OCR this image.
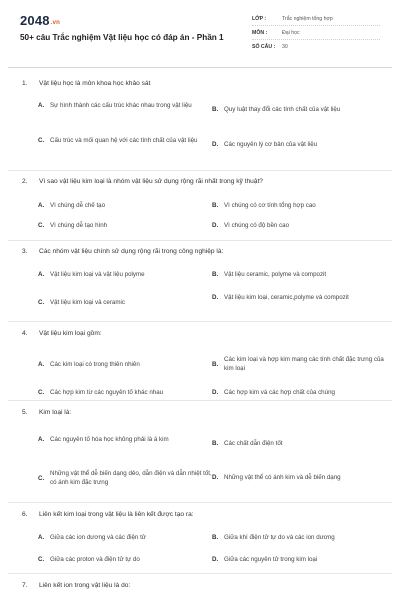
2048.vn
50+ câu Trắc nghiệm Vật liệu học có đáp án - Phần 1
LỚP :	Trắc nghiệm tổng hợp
MÔN :	Đại học
SỐ CÂU :	30
1. Vật liệu học là môn khoa học khảo sát
A. Sự hình thành các cấu trúc khác nhau trong vật liệu
B. Quy luật thay đổi các tính chất của vật liệu
C. Cấu trúc và mối quan hệ với các tính chất của vật liệu
D. Các nguyên lý cơ bản của vật liệu
2. Vì sao vật liệu kim loại là nhóm vật liệu sử dụng rộng rãi nhất trong kỹ thuật?
A. Vì chúng dễ chế tạo	B. Vì chúng có cơ tính tổng hợp cao
C. Vì chúng dễ tạo hình	D. Vì chúng có độ bền cao
3. Các nhóm vật liệu chính sử dụng rộng rãi trong công nghiệp là:
A. Vật liệu kim loại và vật liệu polyme	B. Vật liệu ceramic, polyme và compozit
C. Vật liệu kim loại và ceramic
D. Vật liệu kim loại, ceramic,polyme và compozit
4. Vật liệu kim loại gồm:
A. Các kim loại có trong thiên nhiên	B.
Các kim loại và hợp kim mang các tính chất đặc trưng của kim loại
C. Các hợp kim từ các nguyên tố khác nhau	D. Các hợp kim và các hợp chất của chúng
5. Kim loại là:
A. Các nguyên tố hóa học không phải là á kim
B. Các chất dẫn điện tốt
C.
Những vật thể dễ biến dạng dẻo, dẫn điện và dẫn nhiệt tốt, có ánh kim đặc trưng
D. Những vật thể có ánh kim và dễ biến dạng
6. Liên kết kim loại trong vật liệu là liên kết được tạo ra:
A. Giữa các ion dương và các điện tử	B. Giữa khí điện tử tự do và các ion dương
C. Giữa các proton và điện tử tự do	D. Giữa các nguyên tử trong kim loại
7. Liên kết ion trong vật liệu là do:
